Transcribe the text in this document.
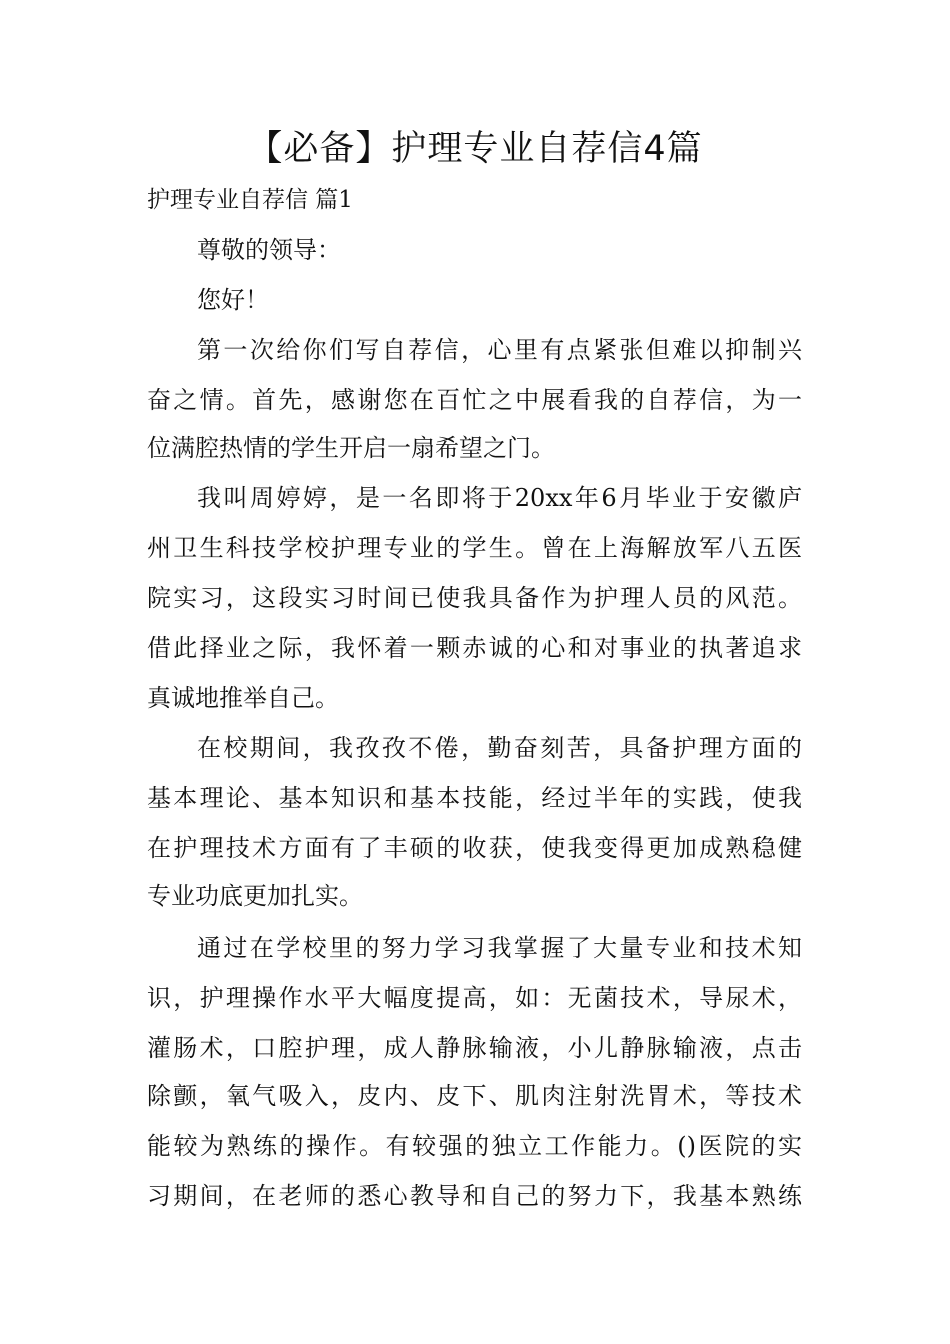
【必备】护理专业自荐信4篇
护理专业自荐信 篇1

尊敬的领导：

您好！

第一次给你们写自荐信，心里有点紧张但难以抑制兴

奋之情。首先，感谢您在百忙之中展看我的自荐信，为一

位满腔热情的学生开启一扇希望之门。

我叫周婷婷，是一名即将于20xx年6月毕业于安徽庐

州卫生科技学校护理专业的学生。曾在上海解放军八五医

院实习，这段实习时间已使我具备作为护理人员的风范。

借此择业之际，我怀着一颗赤诚的心和对事业的执著追求

真诚地推举自己。

在校期间，我孜孜不倦，勤奋刻苦，具备护理方面的

基本理论、基本知识和基本技能，经过半年的实践，使我

在护理技术方面有了丰硕的收获，使我变得更加成熟稳健

专业功底更加扎实。

通过在学校里的努力学习我掌握了大量专业和技术知

识，护理操作水平大幅度提高，如：无菌技术，导尿术，

灌肠术，口腔护理，成人静脉输液，小儿静脉输液，点击

除颤，氧气吸入，皮内、皮下、肌肉注射洗胃术，等技术

能较为熟练的操作。有较强的独立工作能力。()医院的实

习期间，在老师的悉心教导和自己的努力下，我基本熟练
